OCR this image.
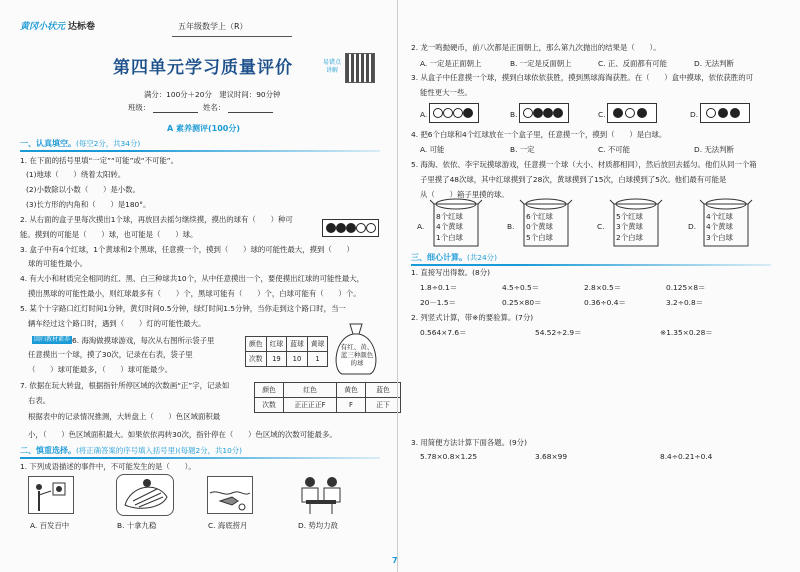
黄冈小状元 达标卷	五年级数学上（R）
第四单元学习质量评价	易错点讲解
满分：100分＋20分　建议时间：90分钟
班级：	姓名：
A 素养测评(100分)
一、认真填空。(每空2分，共34分)
1. 在下面的括号里填“一定”“可能”或“不可能”。
(1)地球（　　）绕着太阳转。
(2)小数除以小数（　　）是小数。
(3)长方形的内角和（　　）是180°。
2. 从右面的盒子里每次摸出1个球，再放回去摇匀继续摸，摸出的球有（　　）种可
能。摸到的可能是（　　）球，也可能是（　　）球。
3. 盒子中有4个红球，1个黄球和2个黑球，任意摸一个，摸到（　　）球的可能性最大，摸到（　　）
球的可能性最小。
4. 有大小和材质完全相同的红、黑、白三种球共10个，从中任意摸出一个，要使摸出红球的可能性最大，
摸出黑球的可能性最小，则红球最多有（　　）个，黑球可能有（　　）个，白球可能有（　　）个。
5. 某个十字路口红灯时间1分钟，黄灯时间0.5分钟，绿灯时间1.5分钟，当你走到这个路口时，当一
辆车经过这个路口时，遇到（　　）灯的可能性最大。
回归教材素养 6. 海淘做摸球游戏，每次从右图所示袋子里
任意摸出一个球，摸了30次，记录在右表，袋子里
（　　）球可能最多，（　　）球可能最少。
颜色	红球	蓝球	黄球
次数	19	10	1
有红、黄、蓝三种颜色的球
7. 依据在玩大转盘，根据指针所停区域的次数画“正”字，记录如
右表。
根据表中的记录情况推测，大转盘上（　　）色区域面积最
小，（　　）色区域面积最大。如果依依再转30次，指针停在（　　）色区域的次数可能最多。
颜色	红色	黄色	蓝色
次数	正正正正F	F	正下
二、慎重选择。(将正确答案的序号填入括号里)(每题2分，共10分)
1. 下列成语描述的事件中，不可能发生的是（　　）。
A. 百发百中	B. 十拿九稳	C. 海底捞月	D. 势均力敌
2. 龙一鸣抛硬币，前八次都是正面朝上，那么第九次抛出的结果是（　　）。
A. 一定是正面朝上	B. 一定是反面朝上	C. 正、反面都有可能	D. 无法判断
3. 从盒子中任意摸一个球，摸到白球依依获胜，摸到黑球海淘获胜。在（　　）盒中摸球，依依获胜的可
能性更大一些。
A.	B.	C.	D.
4. 把6个白球和4个红球放在一个盒子里，任意摸一个，摸到（　　）是白球。
A. 可能	B. 一定	C. 不可能	D. 无法判断
5. 海淘、依依、李宇玩摸球游戏，任意摸一个球（大小、材质都相同），然后放回去摇匀。他们从同一个箱
子里摸了48次球，其中红球摸到了28次，黄球摸到了15次，白球摸到了5次。他们最有可能是
从（　　）箱子里摸的球。
A.
8个红球
4个黄球
1个白球
B.
6个红球
0个黄球
5个白球
C.
5个红球
3个黄球
2个白球
D.
4个红球
4个黄球
3个白球
三、细心计算。(共24分)
1. 直接写出得数。(8分)
1.8÷0.1＝	4.5÷0.5＝	2.8×0.5＝	0.125×8＝
20－1.5＝	0.25×80＝	0.36÷0.4＝	3.2÷0.8＝
2. 列竖式计算，带※的要验算。(7分)
0.564×7.6＝	54.52÷2.9＝	※1.35×0.28＝
3. 用简便方法计算下面各题。(9分)
5.78×0.8×1.25	3.68×99	8.4÷0.21÷0.4
7
